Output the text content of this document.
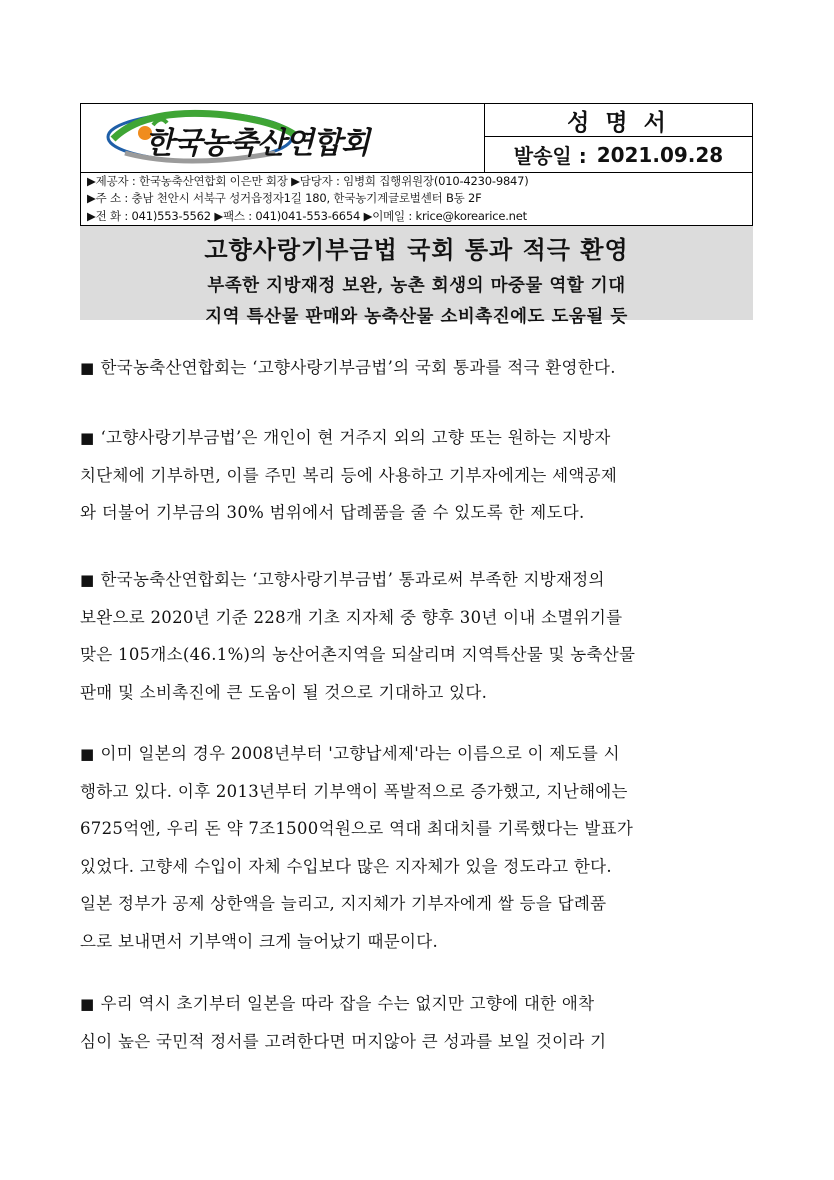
한국농축산연합회
성 명 서
발송일 : 2021.09.28
▶제공자 : 한국농축산연합회 이은만 회장 ▶담당자 : 임병희 집행위원장(010-4230-9847)
▶주 소 : 충남 천안시 서북구 성거읍정자1길 180, 한국농기계글로벌센터 B동 2F
▶전 화 : 041)553-5562 ▶팩스 : 041)041-553-6654 ▶이메일 : krice@korearice.net
고향사랑기부금법 국회 통과 적극 환영
부족한 지방재정 보완, 농촌 회생의 마중물 역할 기대
지역 특산물 판매와 농축산물 소비촉진에도 도움될 듯
■ 한국농축산연합회는 ‘고향사랑기부금법’의 국회 통과를 적극 환영한다.
■ ‘고향사랑기부금법’은 개인이 현 거주지 외의 고향 또는 원하는 지방자
치단체에 기부하면, 이를 주민 복리 등에 사용하고 기부자에게는 세액공제
와 더불어 기부금의 30% 범위에서 답례품을 줄 수 있도록 한 제도다.
■ 한국농축산연합회는 ‘고향사랑기부금법’ 통과로써 부족한 지방재정의
보완으로 2020년 기준 228개 기초 지자체 중 향후 30년 이내 소멸위기를
맞은 105개소(46.1%)의 농산어촌지역을 되살리며 지역특산물 및 농축산물
판매 및 소비촉진에 큰 도움이 될 것으로 기대하고 있다.
■ 이미 일본의 경우 2008년부터 '고향납세제'라는 이름으로 이 제도를 시
행하고 있다. 이후 2013년부터 기부액이 폭발적으로 증가했고, 지난해에는
6725억엔, 우리 돈 약 7조1500억원으로 역대 최대치를 기록했다는 발표가
있었다. 고향세 수입이 자체 수입보다 많은 지자체가 있을 정도라고 한다.
일본 정부가 공제 상한액을 늘리고, 지지체가 기부자에게 쌀 등을 답례품
으로 보내면서 기부액이 크게 늘어났기 때문이다.
■ 우리 역시 초기부터 일본을 따라 잡을 수는 없지만 고향에 대한 애착
심이 높은 국민적 정서를 고려한다면 머지않아 큰 성과를 보일 것이라 기
